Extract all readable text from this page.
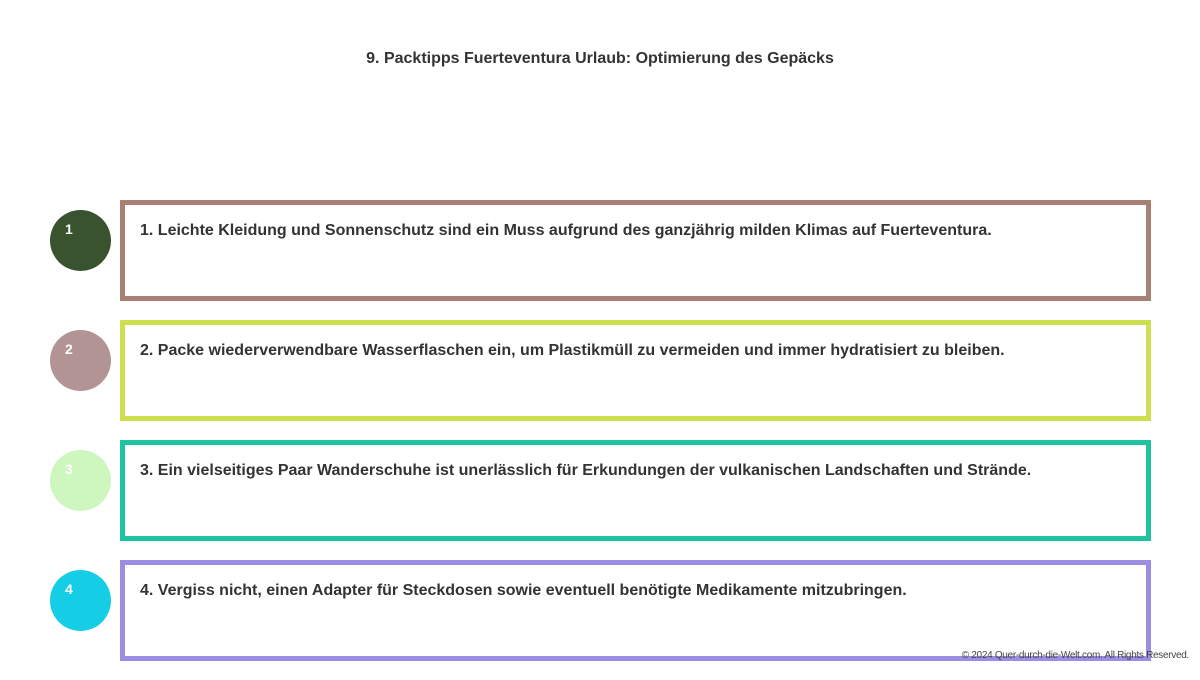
9. Packtipps Fuerteventura Urlaub: Optimierung des Gepäcks
1	1. Leichte Kleidung und Sonnenschutz sind ein Muss aufgrund des ganzjährig milden Klimas auf Fuerteventura.
2	2. Packe wiederverwendbare Wasserflaschen ein, um Plastikmüll zu vermeiden und immer hydratisiert zu bleiben.
3	3. Ein vielseitiges Paar Wanderschuhe ist unerlässlich für Erkundungen der vulkanischen Landschaften und Strände.
4	4. Vergiss nicht, einen Adapter für Steckdosen sowie eventuell benötigte Medikamente mitzubringen.
© 2024 Quer-durch-die-Welt.com. All Rights Reserved.
